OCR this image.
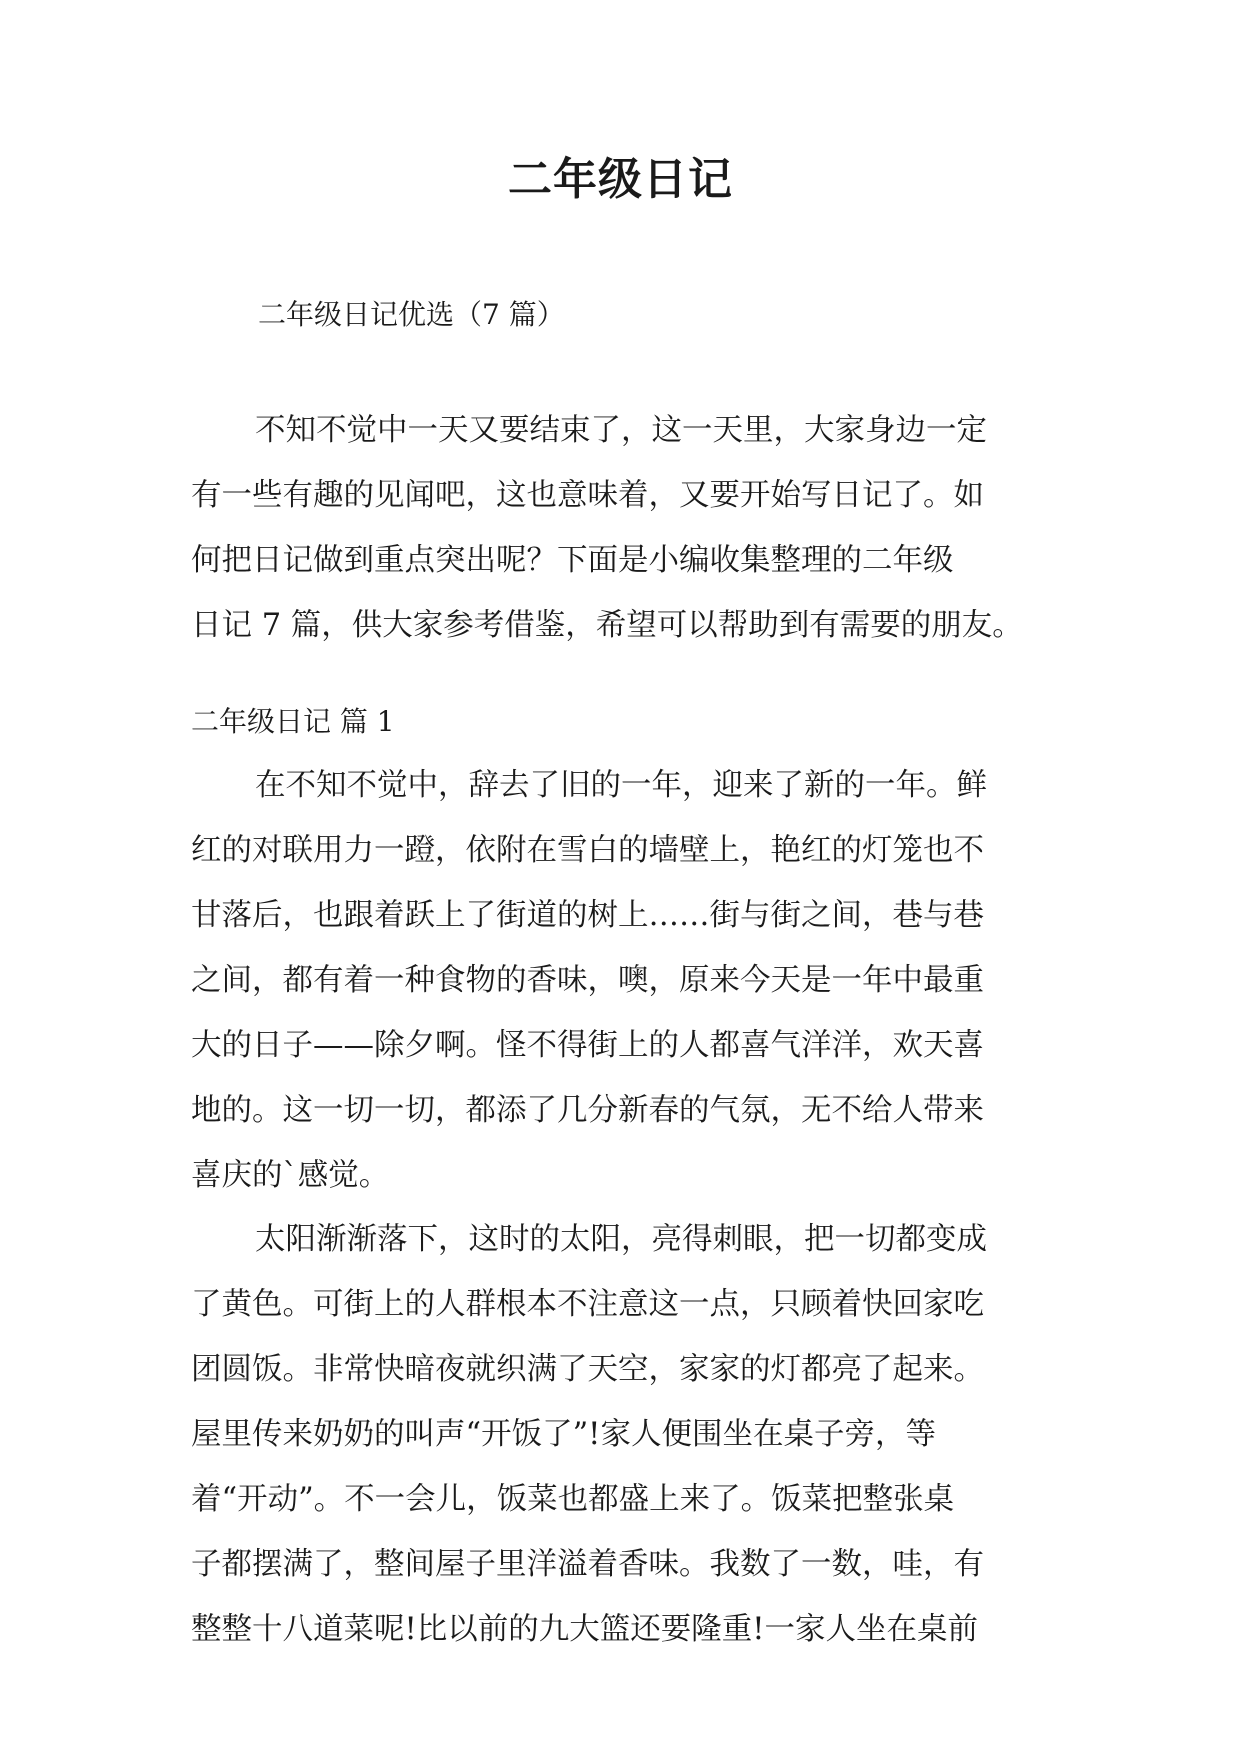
二年级日记

二年级日记优选（7 篇）

不知不觉中一天又要结束了，这一天里，大家身边一定
有一些有趣的见闻吧，这也意味着，又要开始写日记了。如
何把日记做到重点突出呢？下面是小编收集整理的二年级
日记 7 篇，供大家参考借鉴，希望可以帮助到有需要的朋友。

二年级日记 篇 1

在不知不觉中，辞去了旧的一年，迎来了新的一年。鲜
红的对联用力一蹬，依附在雪白的墙壁上，艳红的灯笼也不
甘落后，也跟着跃上了街道的树上……街与街之间，巷与巷
之间，都有着一种食物的香味，噢，原来今天是一年中最重
大的日子——除夕啊。怪不得街上的人都喜气洋洋，欢天喜
地的。这一切一切，都添了几分新春的气氛，无不给人带来
喜庆的`感觉。
太阳渐渐落下，这时的太阳，亮得刺眼，把一切都变成
了黄色。可街上的人群根本不注意这一点，只顾着快回家吃
团圆饭。非常快暗夜就织满了天空，家家的灯都亮了起来。
屋里传来奶奶的叫声“开饭了”!家人便围坐在桌子旁，等
着“开动”。不一会儿，饭菜也都盛上来了。饭菜把整张桌
子都摆满了，整间屋子里洋溢着香味。我数了一数，哇，有
整整十八道菜呢!比以前的九大篮还要隆重!一家人坐在桌前
